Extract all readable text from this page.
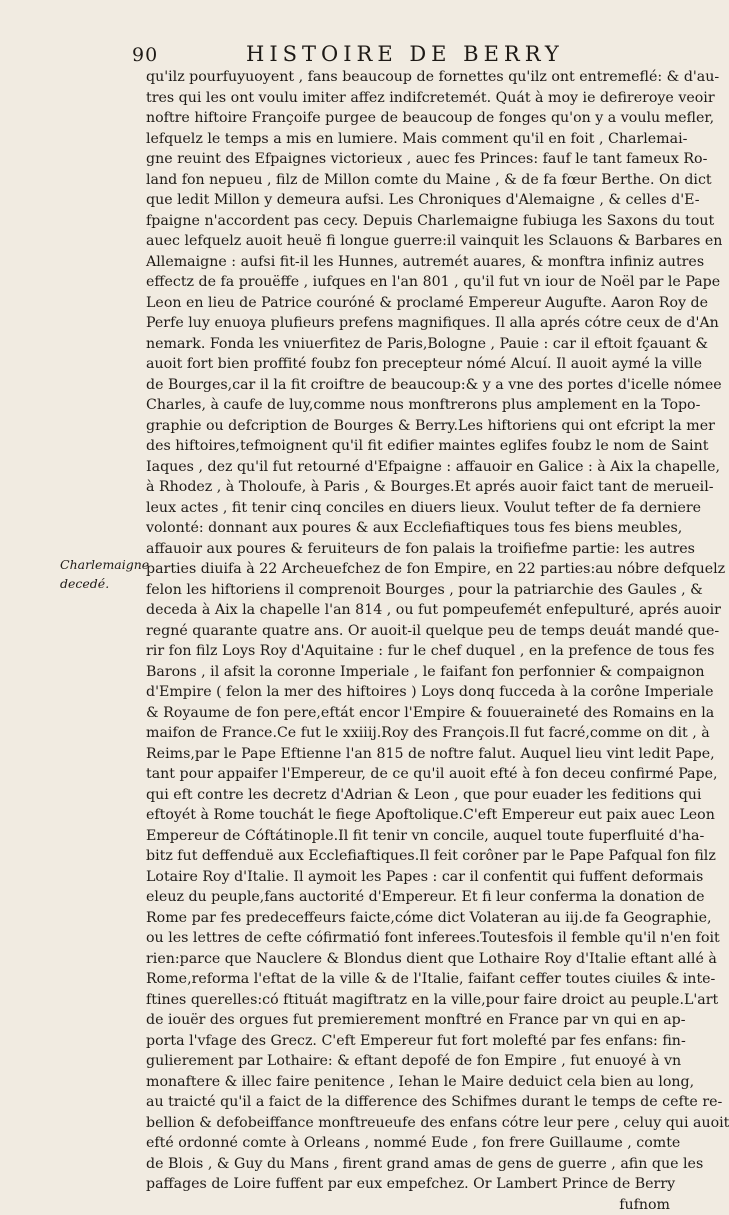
90	HISTOIRE DE BERRY
Charlemaigne
decedé.
qu'ilz pourfuyuoyent , fans beaucoup de fornettes qu'ilz ont entremeflé: & d'au-
tres qui les ont voulu imiter affez indifcretemét. Quát à moy ie defireroye veoir
noftre hiftoire Françoife purgee de beaucoup de fonges qu'on y a voulu mefler,
lefquelz le temps a mis en lumiere. Mais comment qu'il en foit , Charlemai-
gne reuint des Efpaignes victorieux , auec fes Princes: fauf le tant fameux Ro-
land fon nepueu , filz de Millon comte du Maine , & de fa fœur Berthe. On dict
que ledit Millon y demeura aufsi. Les Chroniques d'Alemaigne , & celles d'E-
fpaigne n'accordent pas cecy. Depuis Charlemaigne fubiuga les Saxons du tout
auec lefquelz auoit heuë fi longue guerre:il vainquit les Sclauons & Barbares en
Allemaigne : aufsi fit-il les Hunnes, autremét auares, & monftra infiniz autres
effectz de fa prouëffe , iufques en l'an 801 , qu'il fut vn iour de Noël par le Pape
Leon en lieu de Patrice couróné & proclamé Empereur Augufte. Aaron Roy de
Perfe luy enuoya plufieurs prefens magnifiques. Il alla aprés cótre ceux de d'An
nemark. Fonda les vniuerfitez de Paris,Bologne , Pauie : car il eftoit fçauant &
auoit fort bien proffité foubz fon precepteur nómé Alcuí. Il auoit aymé la ville
de Bourges,car il la fit croiftre de beaucoup:& y a vne des portes d'icelle nómee
Charles, à caufe de luy,comme nous monftrerons plus amplement en la Topo-
graphie ou defcription de Bourges & Berry.Les hiftoriens qui ont efcript la mer
des hiftoires,tefmoignent qu'il fit edifier maintes eglifes foubz le nom de Saint
Iaques , dez qu'il fut retourné d'Efpaigne : affauoir en Galice : à Aix la chapelle,
à Rhodez , à Tholoufe, à Paris , & Bourges.Et aprés auoir faict tant de merueil-
leux actes , fit tenir cinq conciles en diuers lieux. Voulut tefter de fa derniere
volonté: donnant aux poures & aux Ecclefiaftiques tous fes biens meubles,
affauoir aux poures & feruiteurs de fon palais la troifiefme partie: les autres
parties diuifa à 22 Archeuefchez de fon Empire, en 22 parties:au nóbre defquelz
felon les hiftoriens il comprenoit Bourges , pour la patriarchie des Gaules , &
deceda à Aix la chapelle l'an 814 , ou fut pompeufemét enfepulturé, aprés auoir
regné quarante quatre ans. Or auoit-il quelque peu de temps deuát mandé que-
rir fon filz Loys Roy d'Aquitaine : fur le chef duquel , en la prefence de tous fes
Barons , il afsit la coronne Imperiale , le faifant fon perfonnier & compaignon
d'Empire ( felon la mer des hiftoires ) Loys donq fucceda à la corône Imperiale
& Royaume de fon pere,eftát encor l'Empire & fouueraineté des Romains en la
maifon de France.Ce fut le xxiiij.Roy des François.Il fut facré,comme on dit , à
Reims,par le Pape Eftienne l'an 815 de noftre falut. Auquel lieu vint ledit Pape,
tant pour appaifer l'Empereur, de ce qu'il auoit efté à fon deceu confirmé Pape,
qui eft contre les decretz d'Adrian & Leon , que pour euader les feditions qui
eftoyét à Rome touchát le fiege Apoftolique.C'eft Empereur eut paix auec Leon
Empereur de Cóftátinople.Il fit tenir vn concile, auquel toute fuperfluité d'ha-
bitz fut deffenduë aux Ecclefiaftiques.Il feit corôner par le Pape Pafqual fon filz
Lotaire Roy d'Italie. Il aymoit les Papes : car il confentit qui fuffent deformais
eleuz du peuple,fans auctorité d'Empereur. Et fi leur conferma la donation de
Rome par fes predeceffeurs faicte,cóme dict Volateran au iij.de fa Geographie,
ou les lettres de cefte cófirmatió font inferees.Toutesfois il femble qu'il n'en foit
rien:parce que Nauclere & Blondus dient que Lothaire Roy d'Italie eftant allé à
Rome,reforma l'eftat de la ville & de l'Italie, faifant ceffer toutes ciuiles & inte-
ftines querelles:có ftituát magiftratz en la ville,pour faire droict au peuple.L'art
de iouër des orgues fut premierement monftré en France par vn qui en ap-
porta l'vfage des Grecz. C'eft Empereur fut fort molefté par fes enfans: fin-
gulierement par Lothaire: & eftant depofé de fon Empire , fut enuoyé à vn
monaftere & illec faire penitence , Iehan le Maire deduict cela bien au long,
au traicté qu'il a faict de la difference des Schifmes durant le temps de cefte re-
bellion & defobeiffance monftreueufe des enfans cótre leur pere , celuy qui auoit
efté ordonné comte à Orleans , nommé Eude , fon frere Guillaume , comte
de Blois , & Guy du Mans , firent grand amas de gens de guerre , afin que les
paffages de Loire fuffent par eux empefchez. Or Lambert Prince de Berry
fufnom
